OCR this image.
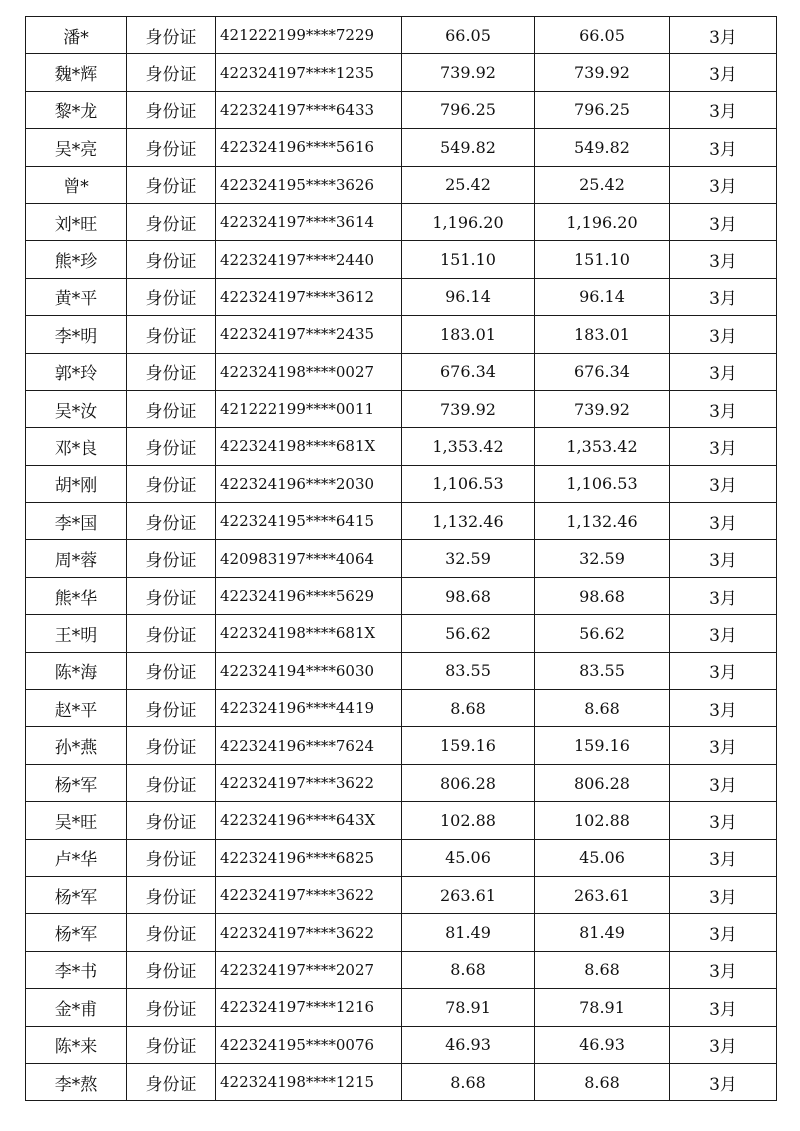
潘*	身份证	421222199****7229	66.05	66.05	3月
魏*辉	身份证	422324197****1235	739.92	739.92	3月
黎*龙	身份证	422324197****6433	796.25	796.25	3月
吴*亮	身份证	422324196****5616	549.82	549.82	3月
曾*	身份证	422324195****3626	25.42	25.42	3月
刘*旺	身份证	422324197****3614	1,196.20	1,196.20	3月
熊*珍	身份证	422324197****2440	151.10	151.10	3月
黄*平	身份证	422324197****3612	96.14	96.14	3月
李*明	身份证	422324197****2435	183.01	183.01	3月
郭*玲	身份证	422324198****0027	676.34	676.34	3月
吴*汝	身份证	421222199****0011	739.92	739.92	3月
邓*良	身份证	422324198****681X	1,353.42	1,353.42	3月
胡*刚	身份证	422324196****2030	1,106.53	1,106.53	3月
李*国	身份证	422324195****6415	1,132.46	1,132.46	3月
周*蓉	身份证	420983197****4064	32.59	32.59	3月
熊*华	身份证	422324196****5629	98.68	98.68	3月
王*明	身份证	422324198****681X	56.62	56.62	3月
陈*海	身份证	422324194****6030	83.55	83.55	3月
赵*平	身份证	422324196****4419	8.68	8.68	3月
孙*燕	身份证	422324196****7624	159.16	159.16	3月
杨*军	身份证	422324197****3622	806.28	806.28	3月
吴*旺	身份证	422324196****643X	102.88	102.88	3月
卢*华	身份证	422324196****6825	45.06	45.06	3月
杨*军	身份证	422324197****3622	263.61	263.61	3月
杨*军	身份证	422324197****3622	81.49	81.49	3月
李*书	身份证	422324197****2027	8.68	8.68	3月
金*甫	身份证	422324197****1216	78.91	78.91	3月
陈*来	身份证	422324195****0076	46.93	46.93	3月
李*熬	身份证	422324198****1215	8.68	8.68	3月
